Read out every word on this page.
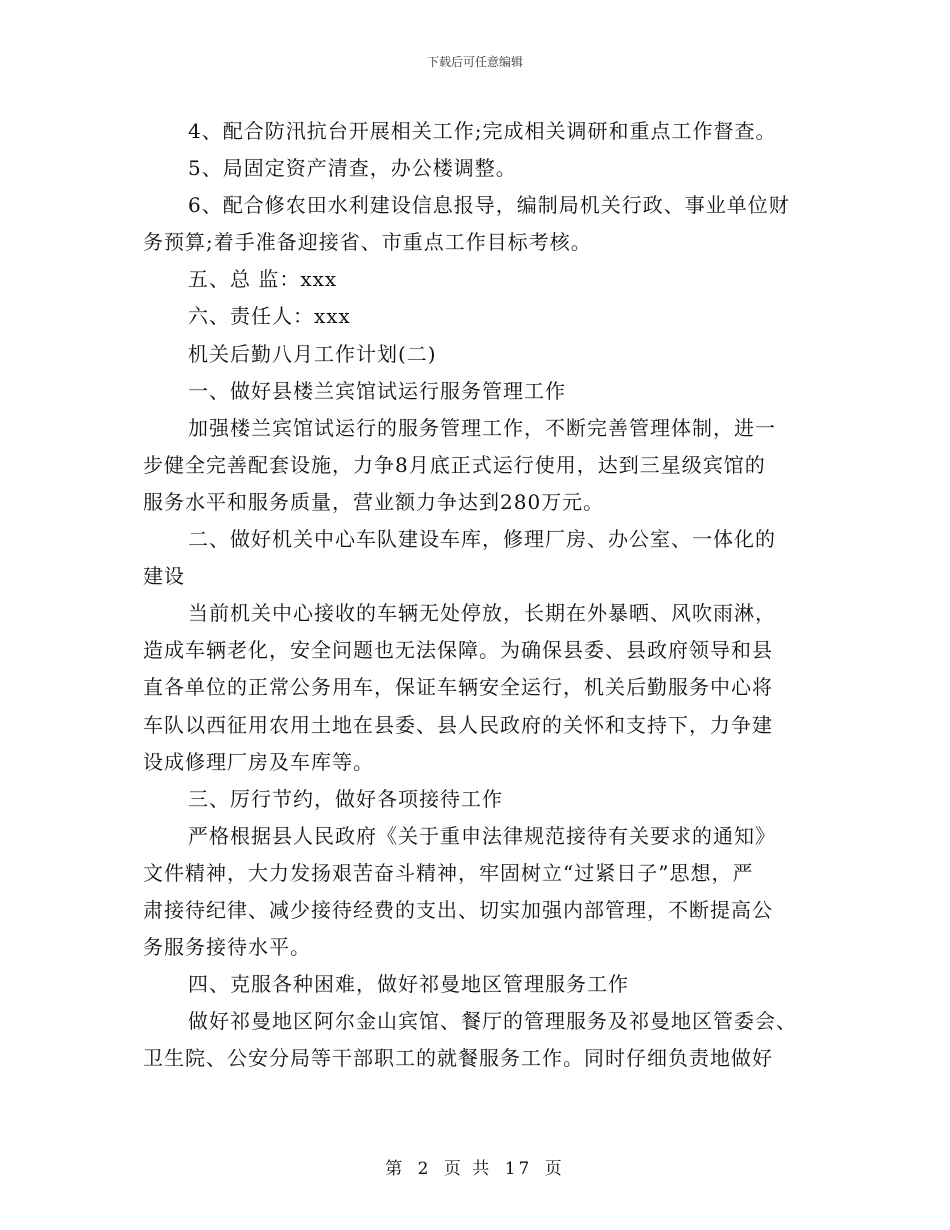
下载后可任意编辑

4、配合防汛抗台开展相关工作;完成相关调研和重点工作督查。

5、局固定资产清查，办公楼调整。

6、配合修农田水利建设信息报导，编制局机关行政、事业单位财

务预算;着手准备迎接省、市重点工作目标考核。

五、总 监：xxx

六、责任人：xxx

机关后勤八月工作计划(二)

一、做好县楼兰宾馆试运行服务管理工作

加强楼兰宾馆试运行的服务管理工作，不断完善管理体制，进一

步健全完善配套设施，力争8月底正式运行使用，达到三星级宾馆的

服务水平和服务质量，营业额力争达到280万元。

二、做好机关中心车队建设车库，修理厂房、办公室、一体化的

建设

当前机关中心接收的车辆无处停放，长期在外暴晒、风吹雨淋，

造成车辆老化，安全问题也无法保障。为确保县委、县政府领导和县

直各单位的正常公务用车，保证车辆安全运行，机关后勤服务中心将

车队以西征用农用土地在县委、县人民政府的关怀和支持下，力争建

设成修理厂房及车库等。

三、厉行节约，做好各项接待工作

严格根据县人民政府《关于重申法律规范接待有关要求的通知》

文件精神，大力发扬艰苦奋斗精神，牢固树立“过紧日子”思想，严

肃接待纪律、减少接待经费的支出、切实加强内部管理，不断提高公

务服务接待水平。

四、克服各种困难，做好祁曼地区管理服务工作

做好祁曼地区阿尔金山宾馆、餐厅的管理服务及祁曼地区管委会、

卫生院、公安分局等干部职工的就餐服务工作。同时仔细负责地做好

第 2 页 共 17 页
